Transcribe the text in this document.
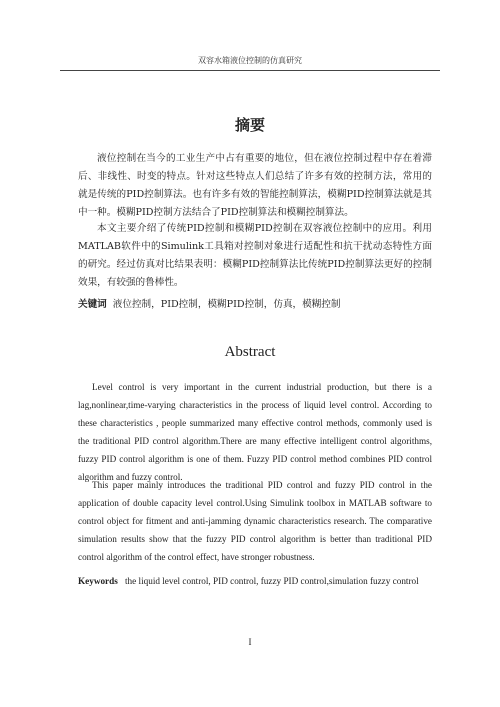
双容水箱液位控制的仿真研究
摘要

液位控制在当今的工业生产中占有重要的地位，但在液位控制过程中存在着滞后、非线性、时变的特点。针对这些特点人们总结了许多有效的控制方法，常用的就是传统的PID控制算法。也有许多有效的智能控制算法，模糊PID控制算法就是其中一种。模糊PID控制方法结合了PID控制算法和模糊控制算法。

本文主要介绍了传统PID控制和模糊PID控制在双容液位控制中的应用。利用MATLAB软件中的Simulink工具箱对控制对象进行适配性和抗干扰动态特性方面的研究。经过仿真对比结果表明：模糊PID控制算法比传统PID控制算法更好的控制效果，有较强的鲁棒性。

关键词 液位控制，PID控制，模糊PID控制，仿真，模糊控制
Abstract

Level control is very important in the current industrial production, but there is a lag,nonlinear,time-varying characteristics in the process of liquid level control. According to these characteristics , people summarized many effective control methods, commonly used is the traditional PID control algorithm.There are many effective intelligent control algorithms, fuzzy PID control algorithm is one of them. Fuzzy PID control method combines PID control algorithm and fuzzy control.

This paper mainly introduces the traditional PID control and fuzzy PID control in the application of double capacity level control.Using Simulink toolbox in MATLAB software to control object for fitment and anti-jamming dynamic characteristics research. The comparative simulation results show that the fuzzy PID control algorithm is better than traditional PID control algorithm of the control effect, have stronger robustness.

Keywords the liquid level control, PID control, fuzzy PID control,simulation fuzzy control
I
